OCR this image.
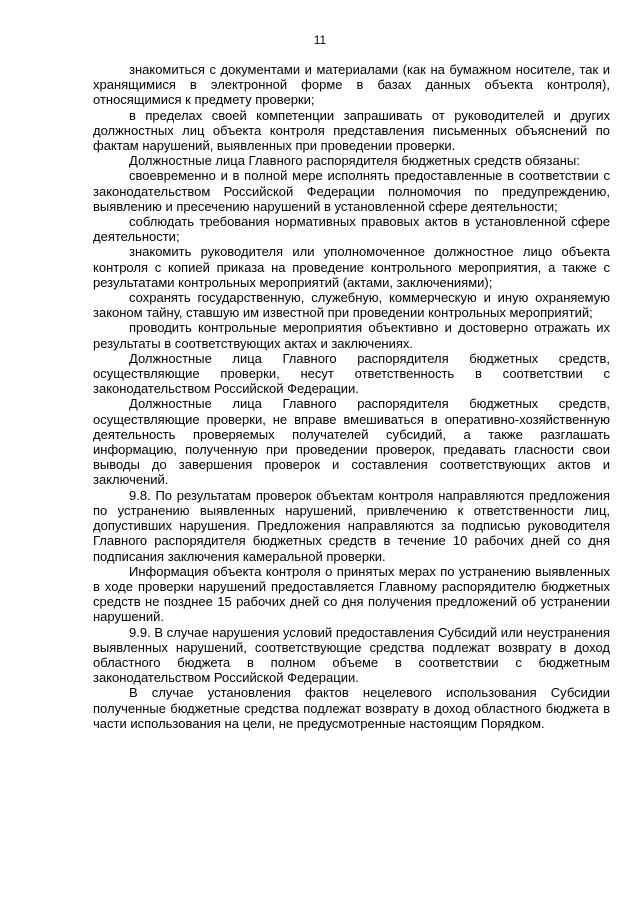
11

знакомиться с документами и материалами (как на бумажном носителе, так и хранящимися в электронной форме в базах данных объекта контроля), относящимися к предмету проверки;

в пределах своей компетенции запрашивать от руководителей и других должностных лиц объекта контроля представления письменных объяснений по фактам нарушений, выявленных при проведении проверки.

Должностные лица Главного распорядителя бюджетных средств обязаны:

своевременно и в полной мере исполнять предоставленные в соответствии с законодательством Российской Федерации полномочия по предупреждению, выявлению и пресечению нарушений в установленной сфере деятельности;

соблюдать требования нормативных правовых актов в установленной сфере деятельности;

знакомить руководителя или уполномоченное должностное лицо объекта контроля с копией приказа на проведение контрольного мероприятия, а также с результатами контрольных мероприятий (актами, заключениями);

сохранять государственную, служебную, коммерческую и иную охраняемую законом тайну, ставшую им известной при проведении контрольных мероприятий;

проводить контрольные мероприятия объективно и достоверно отражать их результаты в соответствующих актах и заключениях.

Должностные лица Главного распорядителя бюджетных средств, осуществляющие проверки, несут ответственность в соответствии с законодательством Российской Федерации.

Должностные лица Главного распорядителя бюджетных средств, осуществляющие проверки, не вправе вмешиваться в оперативно-хозяйственную деятельность проверяемых получателей субсидий, а также разглашать информацию, полученную при проведении проверок, предавать гласности свои выводы до завершения проверок и составления соответствующих актов и заключений.

9.8. По результатам проверок объектам контроля направляются предложения по устранению выявленных нарушений, привлечению к ответственности лиц, допустивших нарушения. Предложения направляются за подписью руководителя Главного распорядителя бюджетных средств в течение 10 рабочих дней со дня подписания заключения камеральной проверки.

Информация объекта контроля о принятых мерах по устранению выявленных в ходе проверки нарушений предоставляется Главному распорядителю бюджетных средств не позднее 15 рабочих дней со дня получения предложений об устранении нарушений.

9.9. В случае нарушения условий предоставления Субсидий или неустранения выявленных нарушений, соответствующие средства подлежат возврату в доход областного бюджета в полном объеме в соответствии с бюджетным законодательством Российской Федерации.

В случае установления фактов нецелевого использования Субсидии полученные бюджетные средства подлежат возврату в доход областного бюджета в части использования на цели, не предусмотренные настоящим Порядком.
